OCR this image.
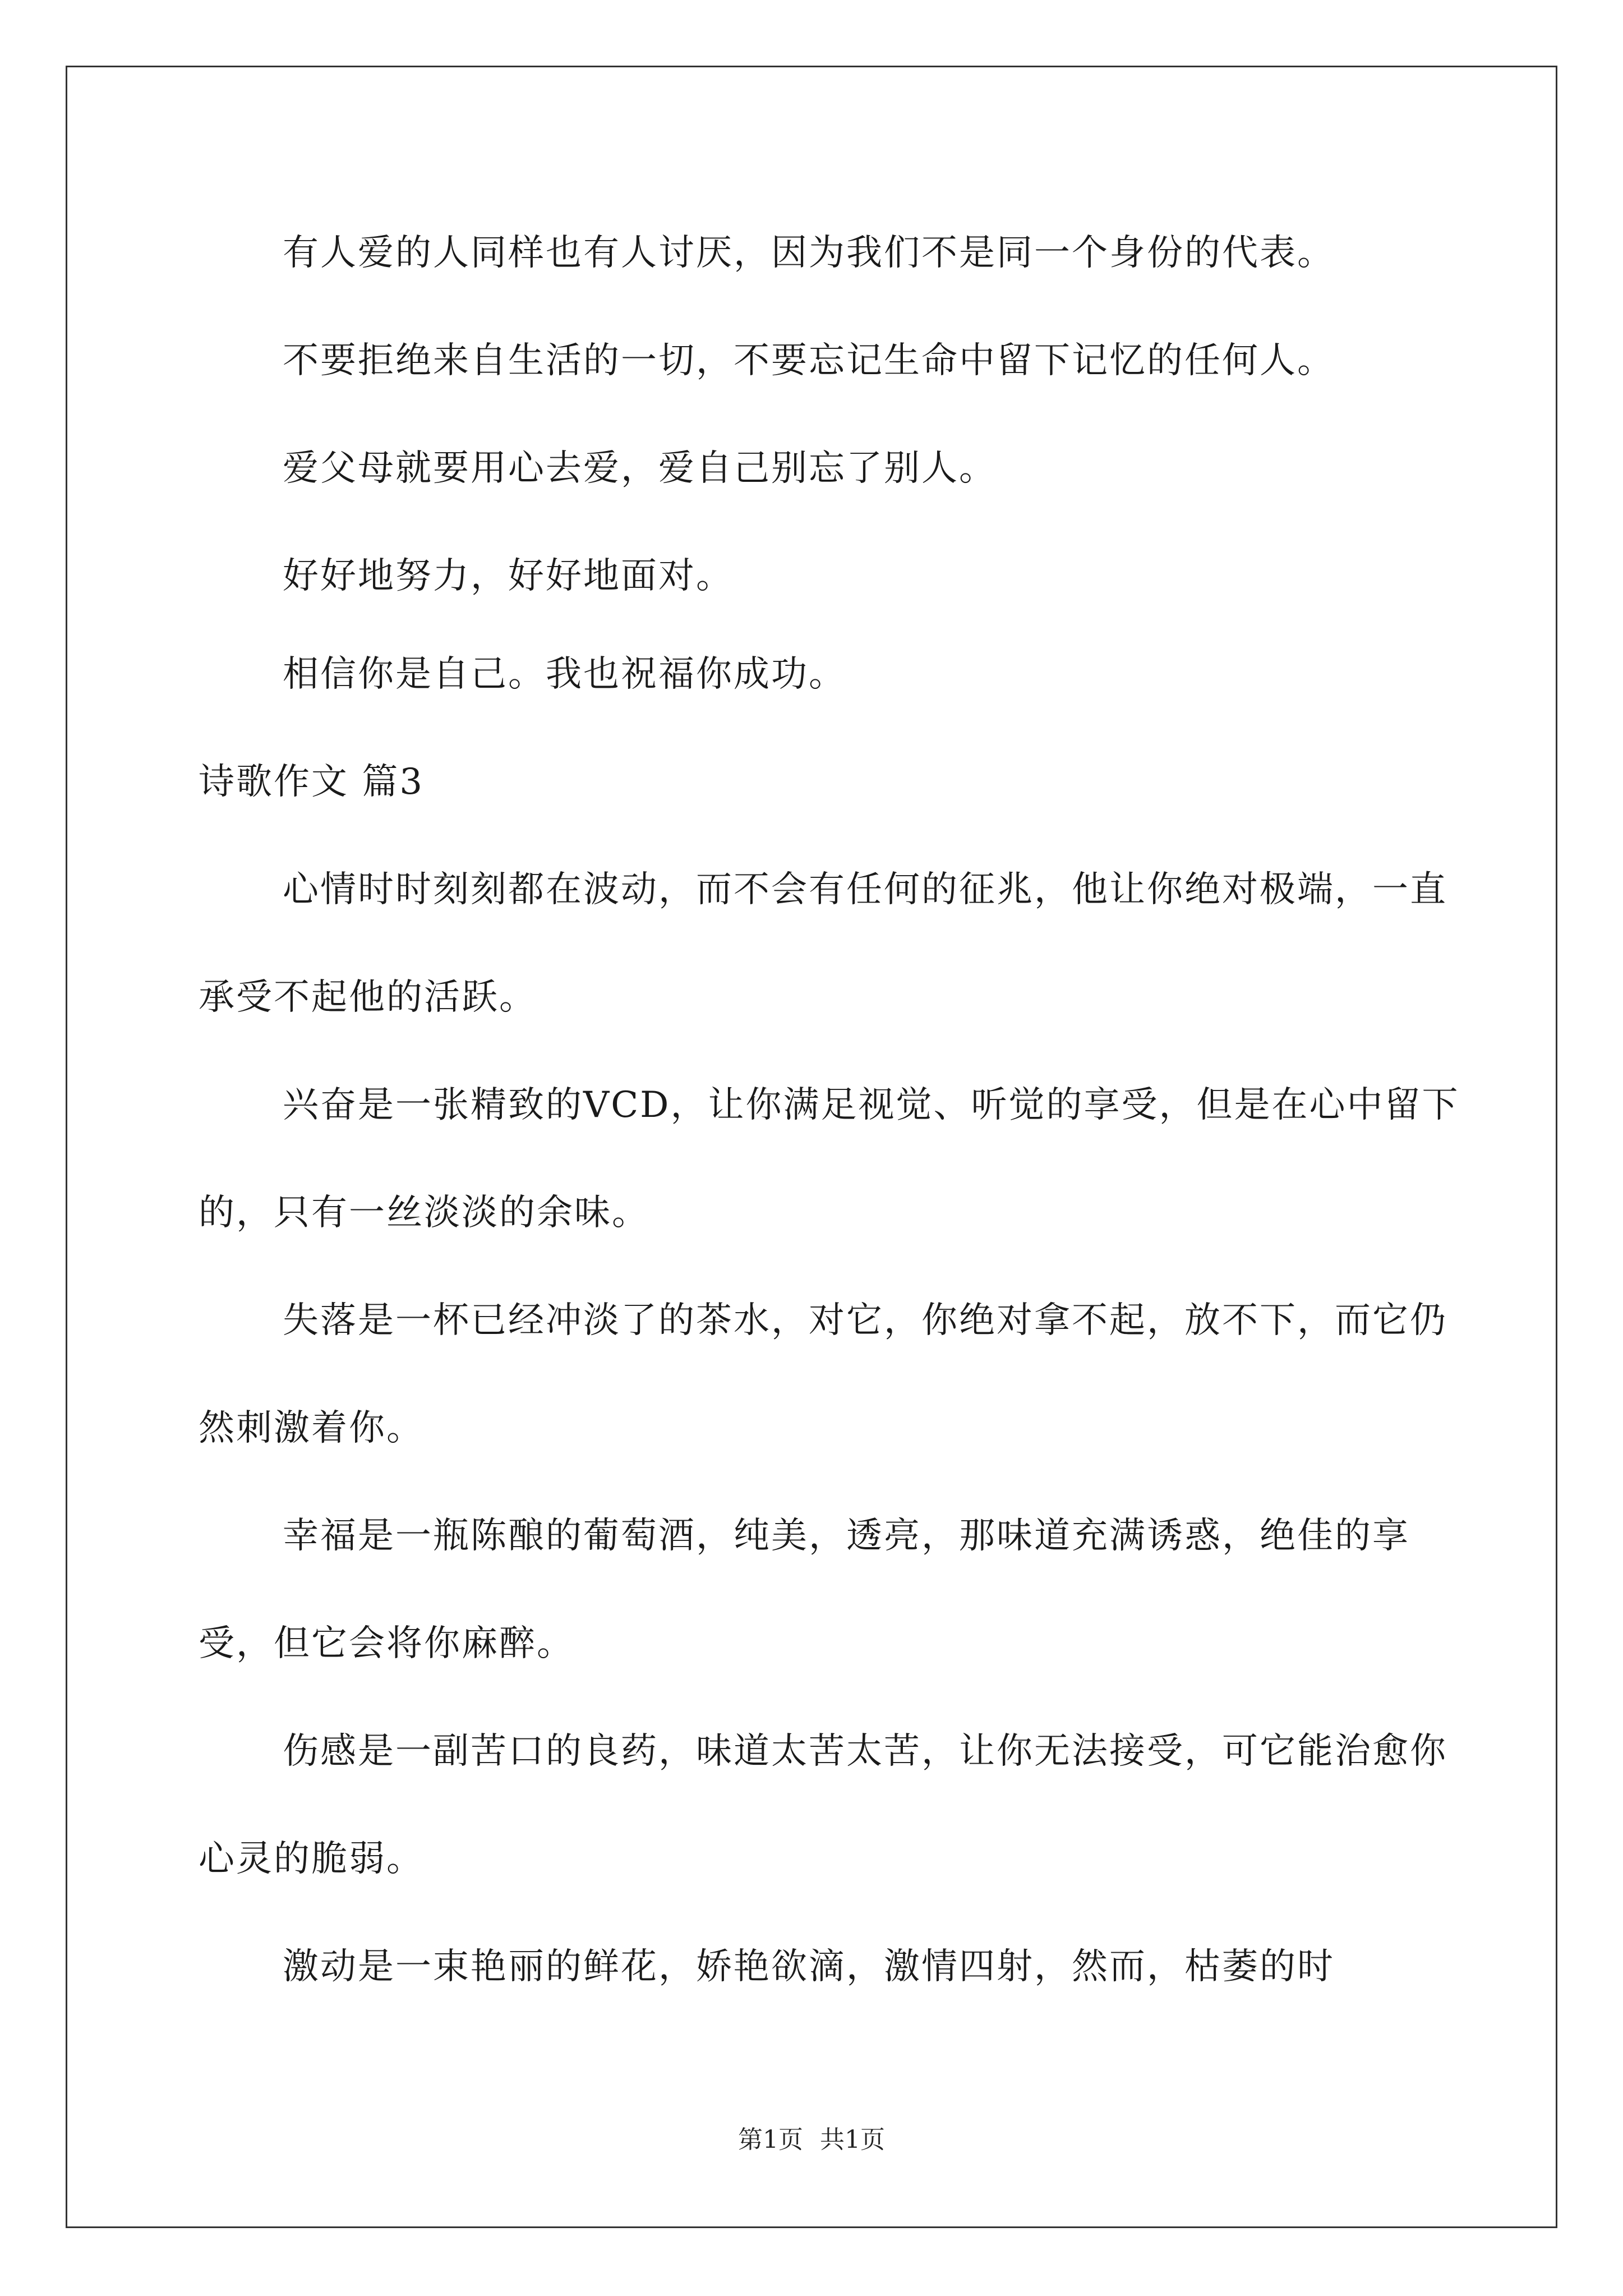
有人爱的人同样也有人讨厌，因为我们不是同一个身份的代表。
不要拒绝来自生活的一切，不要忘记生命中留下记忆的任何人。
爱父母就要用心去爱，爱自己别忘了别人。
好好地努力，好好地面对。
相信你是自己。我也祝福你成功。
诗歌作文 篇3
心情时时刻刻都在波动，而不会有任何的征兆，他让你绝对极端，一直承受不起他的活跃。
兴奋是一张精致的VCD，让你满足视觉、听觉的享受，但是在心中留下的，只有一丝淡淡的余味。
失落是一杯已经冲淡了的茶水，对它，你绝对拿不起，放不下，而它仍然刺激着你。
幸福是一瓶陈酿的葡萄酒，纯美，透亮，那味道充满诱惑，绝佳的享受，但它会将你麻醉。
伤感是一副苦口的良药，味道太苦太苦，让你无法接受，可它能治愈你心灵的脆弱。
激动是一束艳丽的鲜花，娇艳欲滴，激情四射，然而，枯萎的时
第1页 共1页
